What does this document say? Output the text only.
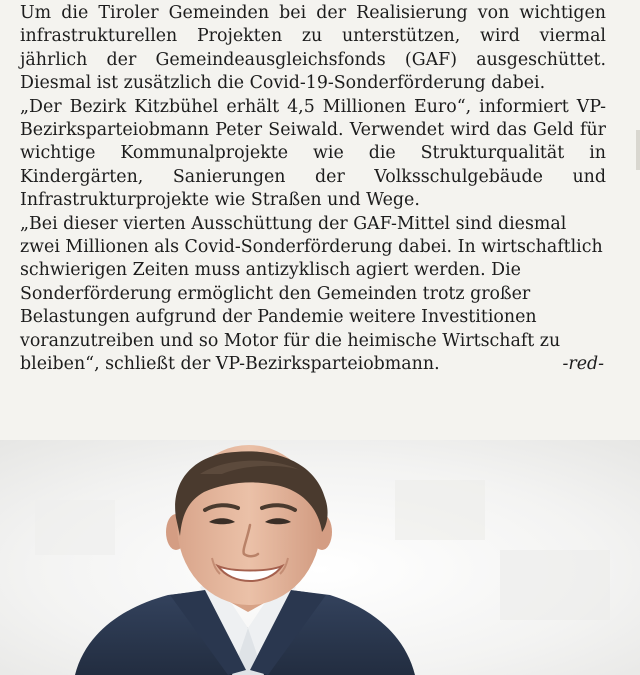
Um die Tiroler Gemeinden bei der Realisierung von wichtigen infrastrukturellen Projekten zu unterstützen, wird viermal jährlich der Gemeindeausgleichsfonds (GAF) ausgeschüttet. Diesmal ist zusätzlich die Covid-19-Sonderförderung dabei.

„Der Bezirk Kitzbühel erhält 4,5 Millionen Euro“, informiert VP-Bezirksparteiobmann Peter Seiwald. Verwendet wird das Geld für wichtige Kommunalprojekte wie die Strukturqualität in Kindergärten, Sanierungen der Volksschulgebäude und Infrastrukturprojekte wie Straßen und Wege.

„Bei dieser vierten Ausschüttung der GAF-Mittel sind diesmal zwei Millionen als Covid-Sonderförderung dabei. In wirtschaftlich schwierigen Zeiten muss antizyklisch agiert werden. Die Sonderförderung ermöglicht den Gemeinden trotz großer Belastungen aufgrund der Pandemie weitere Investitionen voranzutreiben und so Motor für die heimische Wirtschaft zu bleiben“, schließt der VP-Bezirksparteiobmann.	-red-
